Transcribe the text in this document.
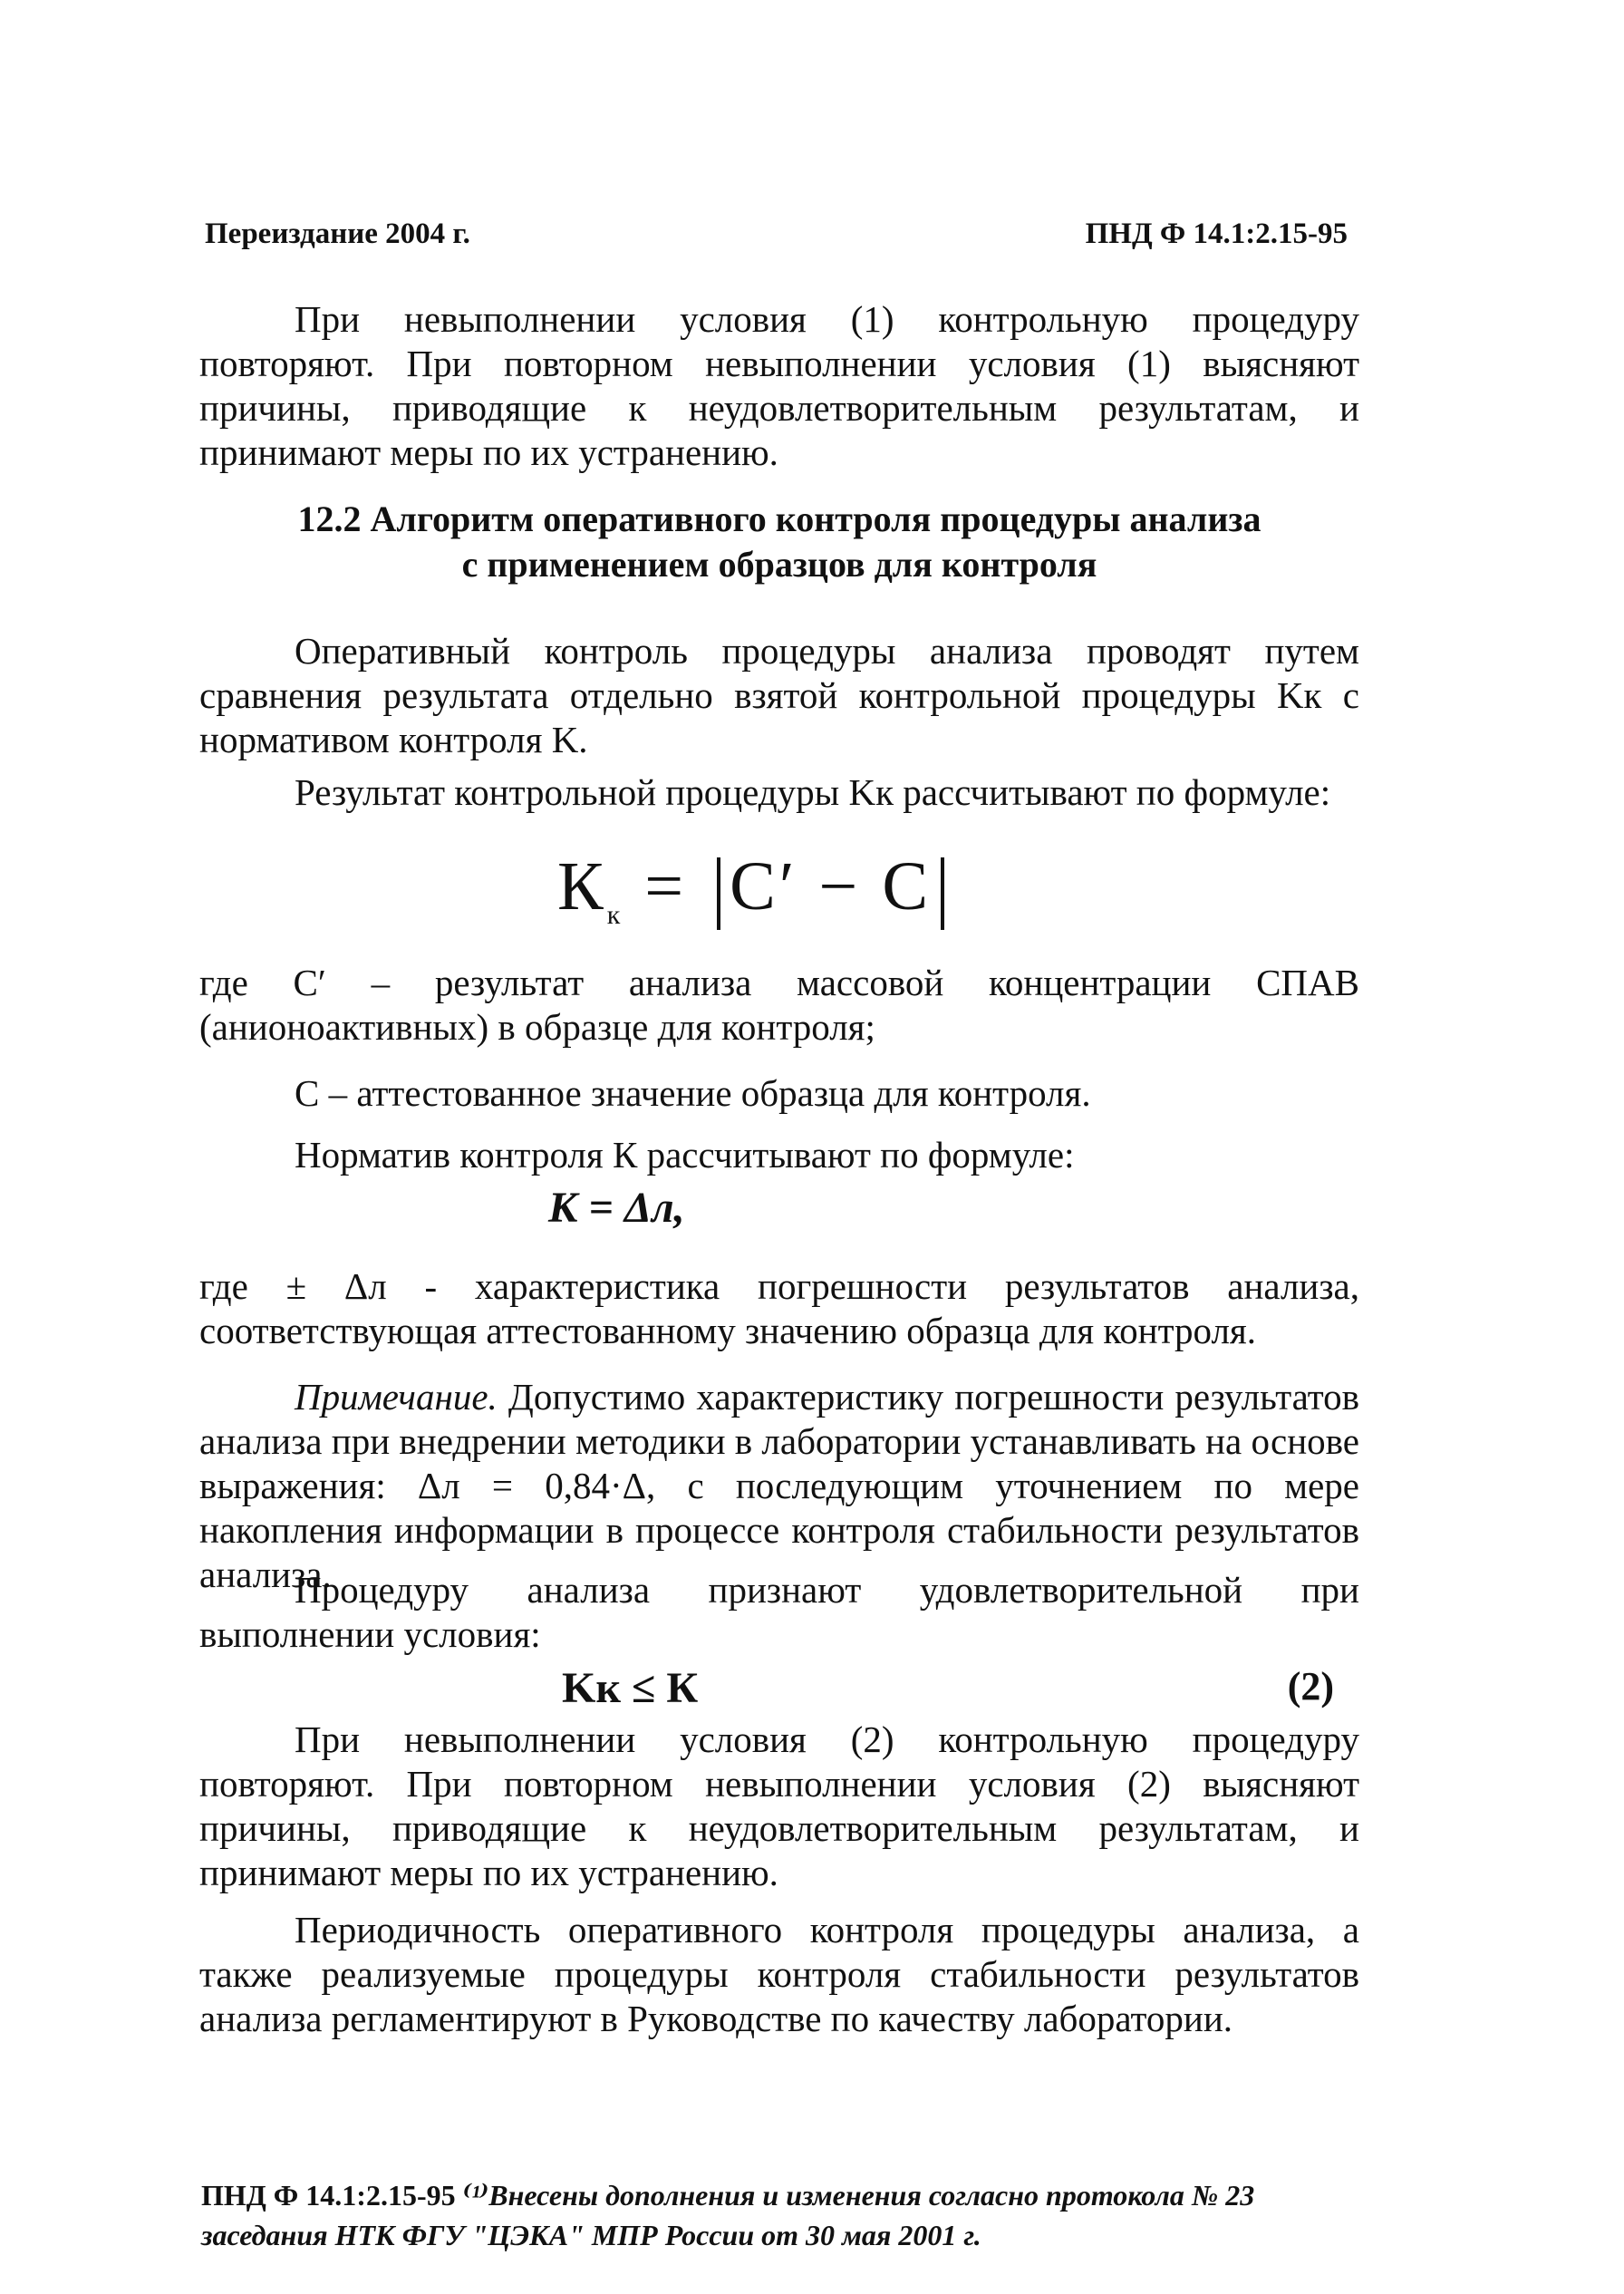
Переиздание 2004 г.	ПНД Ф 14.1:2.15-95
При невыполнении условия (1) контрольную процедуру повторяют. При повторном невыполнении условия (1) выясняют причины, приводящие к неудовлетворительным результатам, и принимают меры по их устранению.
12.2 Алгоритм оперативного контроля процедуры анализа
с применением образцов для контроля
Оперативный контроль процедуры анализа проводят путем сравнения результата отдельно взятой контрольной процедуры Kк с нормативом контроля K.
Результат контрольной процедуры Kк рассчитывают по формуле:
$К_к = С' - С$
где С′ – результат анализа массовой концентрации СПАВ (анионоактивных) в образце для контроля;
С – аттестованное значение образца для контроля.
Норматив контроля К рассчитывают по формуле:
К = Δл,
где ± Δл - характеристика погрешности результатов анализа, соответствующая аттестованному значению образца для контроля.
Примечание. Допустимо характеристику погрешности результатов анализа при внедрении методики в лаборатории устанавливать на основе выражения: Δл = 0,84·Δ, с последующим уточнением по мере накопления информации в процессе контроля стабильности результатов анализа.
Процедуру анализа признают удовлетворительной при выполнении условия:
Kк ≤ К	(2)
При невыполнении условия (2) контрольную процедуру повторяют. При повторном невыполнении условия (2) выясняют причины, приводящие к неудовлетворительным результатам, и принимают меры по их устранению.
Периодичность оперативного контроля процедуры анализа, а также реализуемые процедуры контроля стабильности результатов анализа регламентируют в Руководстве по качеству лаборатории.
ПНД Ф 14.1:2.15-95 ⁽¹⁾Внесены дополнения и изменения согласно протокола № 23
заседания НТК ФГУ "ЦЭКА" МПР России от 30 мая 2001 г.
